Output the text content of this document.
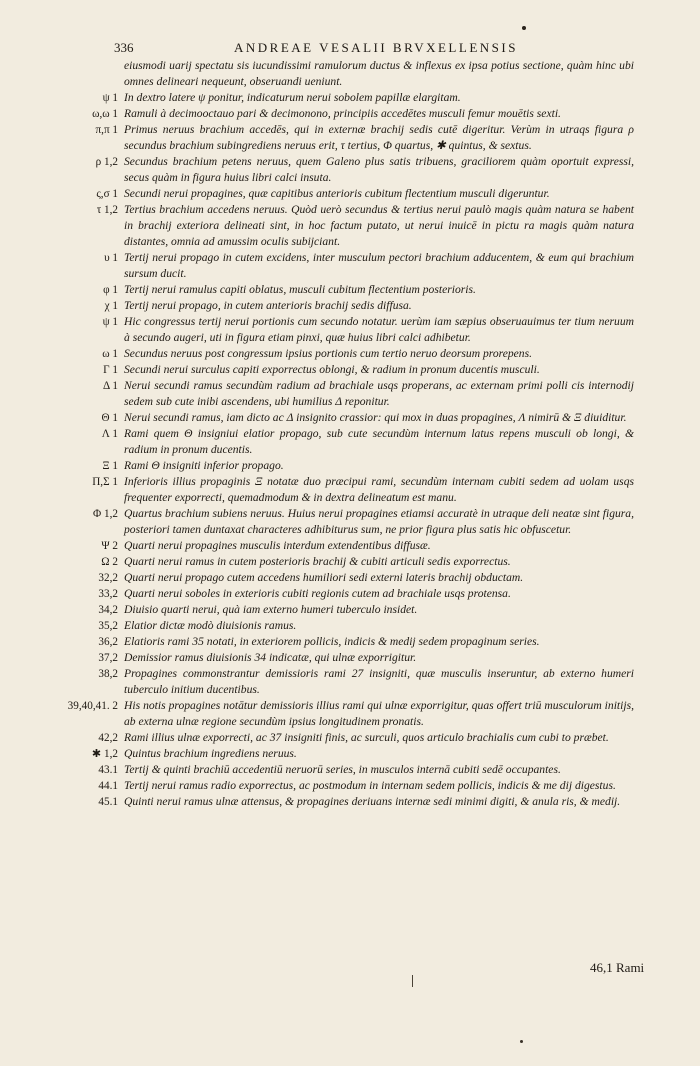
336	ANDREAE VESALII BRVXELLENSIS
eiusmodi uarij spectatu sis iucundissimi ramulorum ductus & inflexus ex ipsa potius sectione, quàm hinc ubi omnes delineari nequeunt, obseruandi ueniunt.
ψ 1 In dextro latere ψ ponitur, indicaturum nerui sobolem papillæ elargitam.
ω,ω 1 Ramuli à decimooctauo pari & decimonono, principiis accedētes musculi femur mouētis sexti.
π,π 1 Primus neruus brachium accedēs, qui in externæ brachij sedis cutē digeritur. Verùm in utraqs figura ρ secundus brachium subingrediens neruus erit, τ tertius, Φ quartus, ✱ quintus, & sextus.
ρ 1,2 Secundus brachium petens neruus, quem Galeno plus satis tribuens, graciliorem quàm oportuit expressi, secus quàm in figura huius libri calci insuta.
ς,σ 1 Secundi nerui propagines, quæ capitibus anterioris cubitum flectentium musculi digeruntur.
τ 1,2 Tertius brachium accedens neruus. Quòd uerò secundus & tertius nerui paulò magis quàm natura se habent in brachij exteriora delineati sint, in hoc factum putato, ut nerui inuicē in pictu ra magis quàm natura distantes, omnia ad amussim oculis subijciant.
υ 1 Tertij nerui propago in cutem excidens, inter musculum pectori brachium adducentem, & eum qui brachium sursum ducit.
φ 1 Tertij nerui ramulus capiti oblatus, musculi cubitum flectentium posterioris.
χ 1 Tertij nerui propago, in cutem anterioris brachij sedis diffusa.
ψ 1 Hic congressus tertij nerui portionis cum secundo notatur. uerùm iam sæpius obseruauimus ter tium neruum à secundo augeri, uti in figura etiam pinxi, quæ huius libri calci adhibetur.
ω 1 Secundus neruus post congressum ipsius portionis cum tertio neruo deorsum prorepens.
Γ 1 Secundi nerui surculus capiti exporrectus oblongi, & radium in pronum ducentis musculi.
Δ 1 Nerui secundi ramus secundùm radium ad brachiale usqs properans, ac externam primi polli cis internodij sedem sub cute inibi ascendens, ubi humilius Δ reponitur.
Θ 1 Nerui secundi ramus, iam dicto ac Δ insignito crassior: qui mox in duas propagines, Λ nimirū & Ξ diuiditur.
Λ 1 Rami quem Θ insigniui elatior propago, sub cute secundùm internum latus repens musculi ob longi, & radium in pronum ducentis.
Ξ 1 Rami Θ insigniti inferior propago.
Π,Σ 1 Inferioris illius propaginis Ξ notatæ duo præcipui rami, secundùm internam cubiti sedem ad uolam usqs frequenter exporrecti, quemadmodum & in dextra delineatum est manu.
Φ 1,2 Quartus brachium subiens neruus. Huius nerui propagines etiamsi accuratè in utraque deli neatæ sint figura, posteriori tamen duntaxat characteres adhibiturus sum, ne prior figura plus satis hic obfuscetur.
Ψ 2 Quarti nerui propagines musculis interdum extendentibus diffusæ.
Ω 2 Quarti nerui ramus in cutem posterioris brachij & cubiti articuli sedis exporrectus.
32,2 Quarti nerui propago cutem accedens humiliori sedi externi lateris brachij obductam.
33,2 Quarti nerui soboles in exterioris cubiti regionis cutem ad brachiale usqs protensa.
34,2 Diuisio quarti nerui, quà iam externo humeri tuberculo insidet.
35,2 Elatior dictæ modò diuisionis ramus.
36,2 Elatioris rami 35 notati, in exteriorem pollicis, indicis & medij sedem propaginum series.
37,2 Demissior ramus diuisionis 34 indicatæ, qui ulnæ exporrigitur.
38,2 Propagines commonstrantur demissioris rami 27 insigniti, quæ musculis inseruntur, ab externo humeri tuberculo initium ducentibus.
39,40,41. 2 His notis propagines notātur demissioris illius rami qui ulnæ exporrigitur, quas offert triū musculorum initijs, ab externa ulnæ regione secundùm ipsius longitudinem pronatis.
42,2 Rami illius ulnæ exporrecti, ac 37 insigniti finis, ac surculi, quos articulo brachialis cum cubi to præbet.
✱ 1,2 Quintus brachium ingrediens neruus.
43.1 Tertij & quinti brachiū accedentiū neruorū series, in musculos internā cubiti sedē occupantes.
44.1 Tertij nerui ramus radio exporrectus, ac postmodum in internam sedem pollicis, indicis & me dij digestus.
45.1 Quinti nerui ramus ulnæ attensus, & propagines deriuans internæ sedi minimi digiti, & anula ris, & medij.
46,1 Rami
